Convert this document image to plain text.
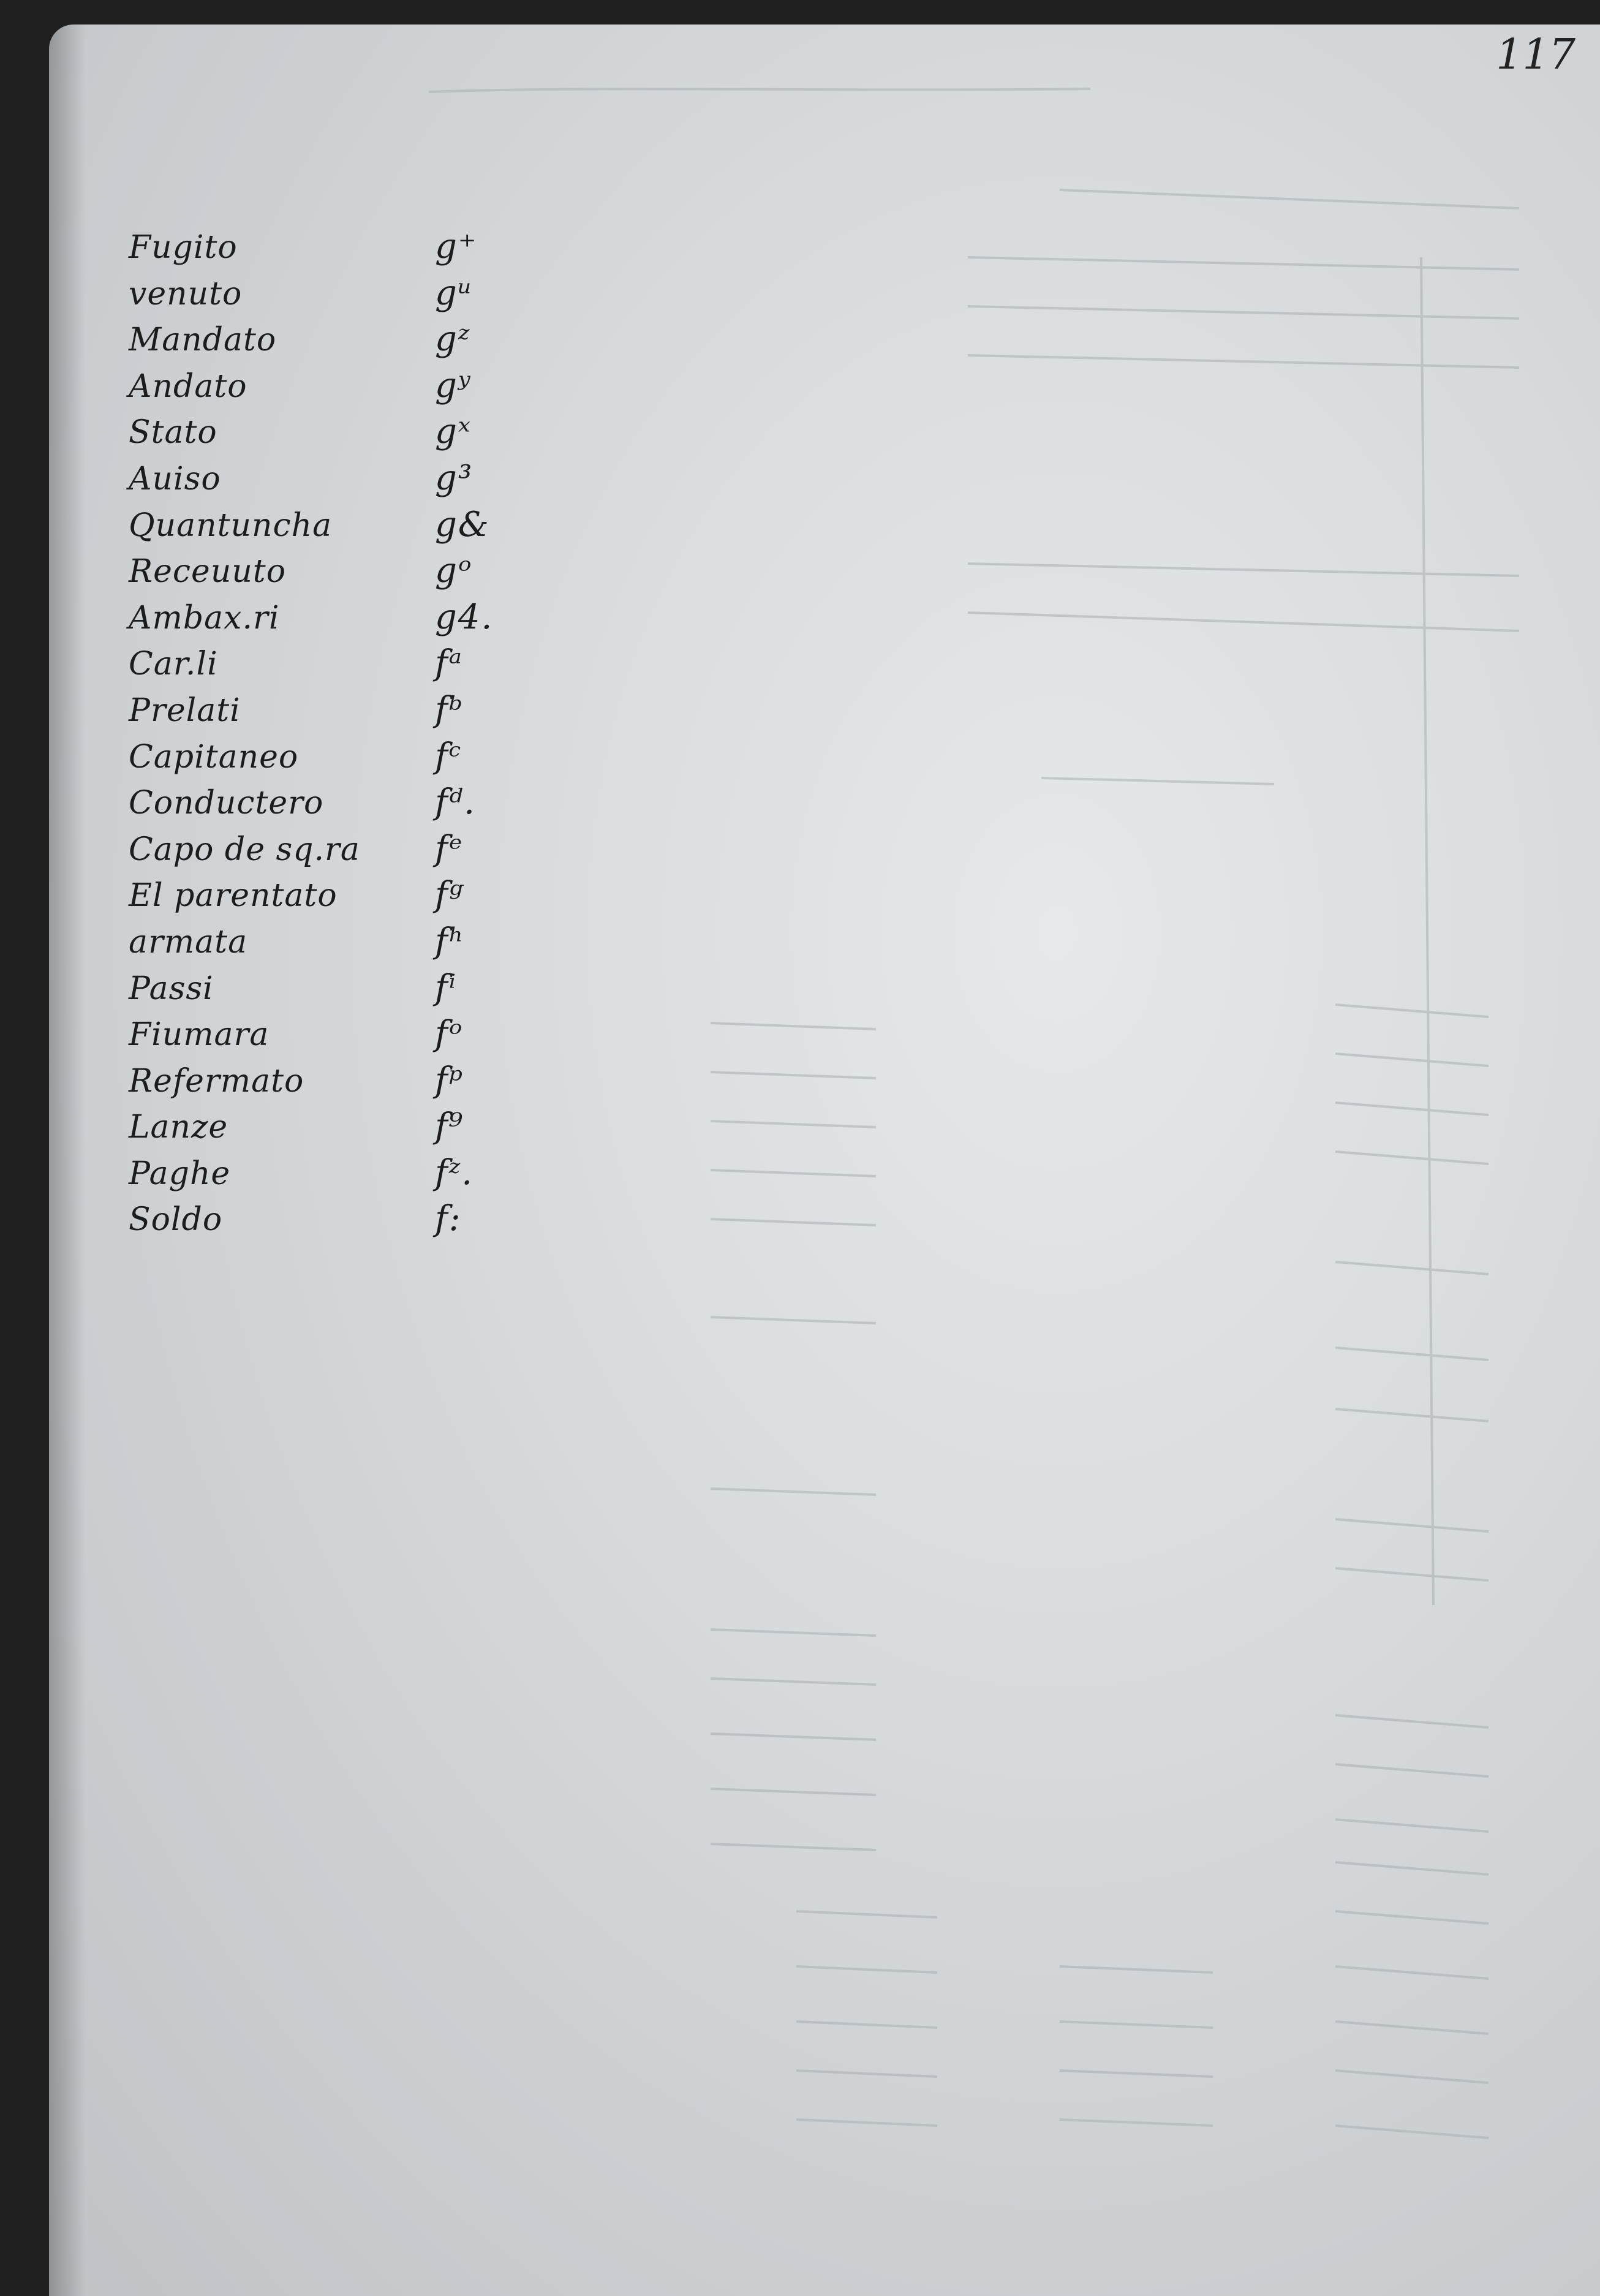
117
Fugito	g⁺
venuto	gᵘ
Mandato	gᶻ
Andato	gʸ
Stato	gˣ
Auiso	g³
Quantuncha	g&
Receuuto	gᵒ
Ambax.ri	g4.
Car.li	fᵃ
Prelati	fᵇ
Capitaneo	fᶜ
Conductero	fᵈ.
Capo de sq.ra	fᵉ
El parentato	fᵍ
armata	fʰ
Passi	fⁱ
Fiumara	fᵒ
Refermato	fᵖ
Lanze	f⁹
Paghe	fᶻ.
Soldo	f:
